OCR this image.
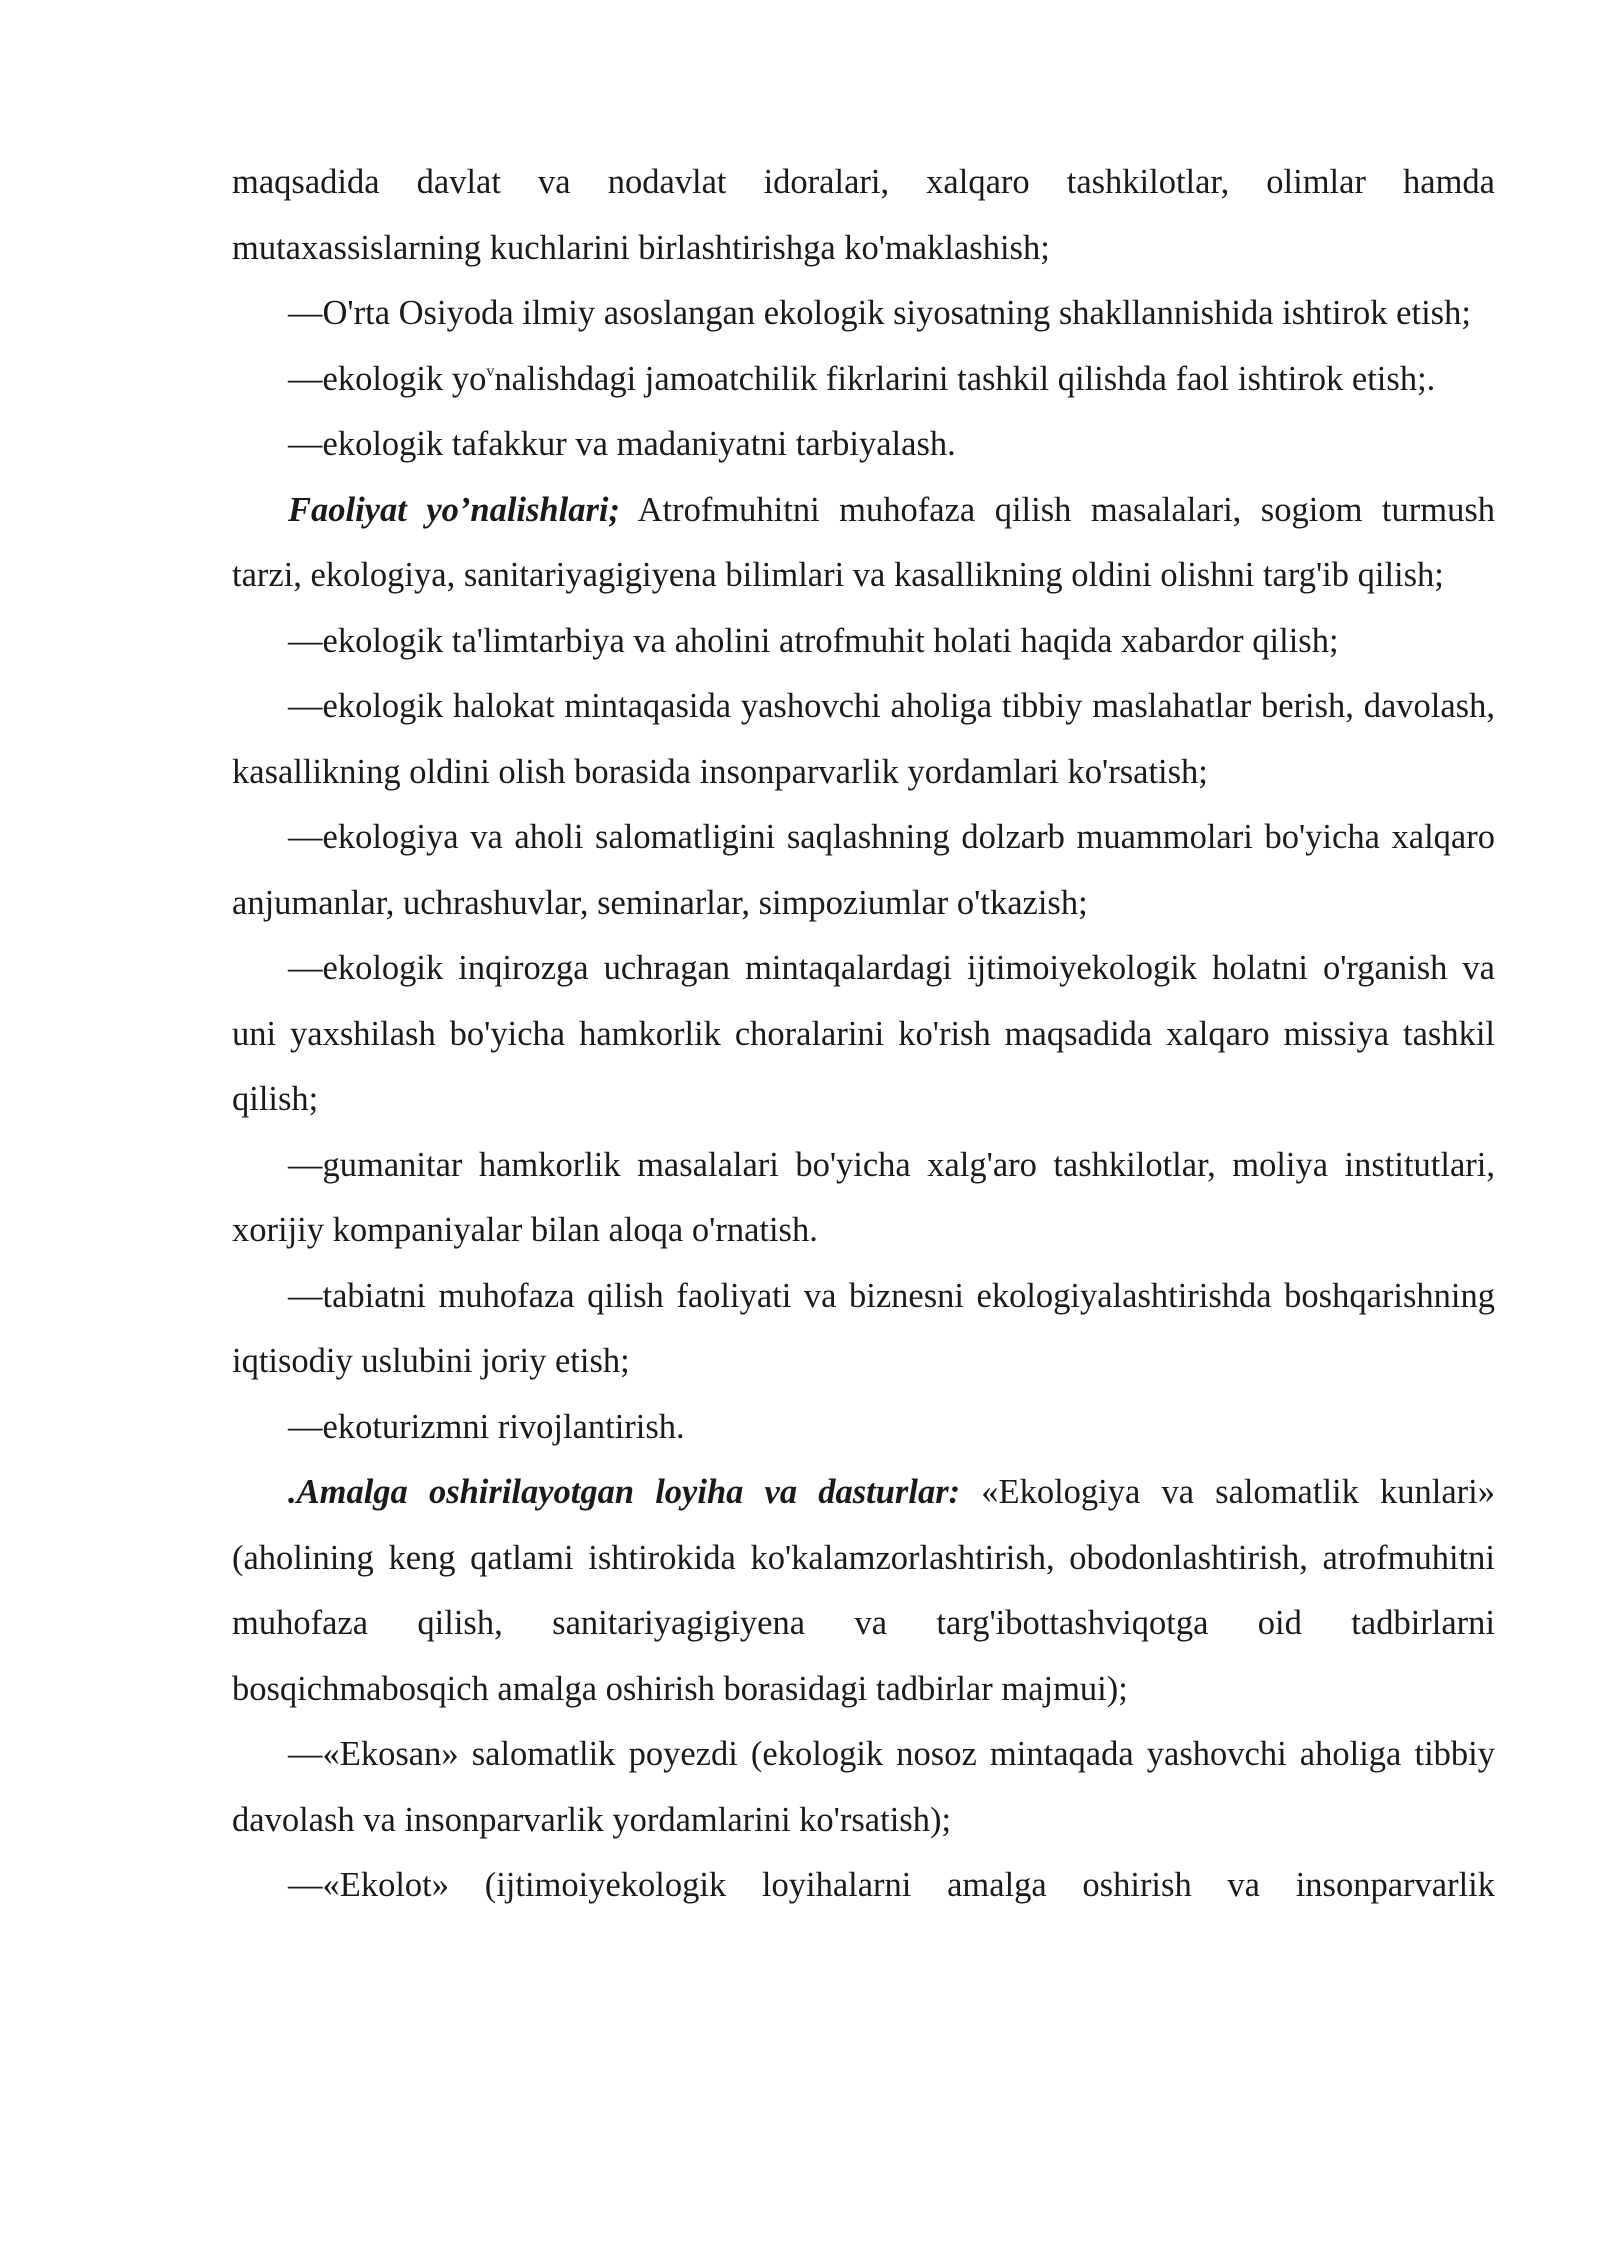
maqsadida davlat va nodavlat idoralari, xalqaro tashkilotlar, olimlar hamda mutaxassislarning kuchlarini birlashtirishga ko'maklashish;

—O'rta Osiyoda ilmiy asoslangan ekologik siyosatning shakllannishida ishtirok etish;

—ekologik $yo^vnalishdagi$ jamoatchilik fikrlarini tashkil qilishda faol ishtirok etish;.

—ekologik tafakkur va madaniyatni tarbiyalash.

Faoliyat yo’nalishlari; Atrofmuhitni muhofaza qilish masalalari, sogiom turmush tarzi, ekologiya, sanitariyagigiyena bilimlari va kasallikning oldini olishni targ'ib qilish;

—ekologik ta'limtarbiya va aholini atrofmuhit holati haqida xabardor qilish;

—ekologik halokat mintaqasida yashovchi aholiga tibbiy maslahatlar berish, davolash, kasallikning oldini olish borasida insonparvarlik yordamlari ko'rsatish;

—ekologiya va aholi salomatligini saqlashning dolzarb muammolari bo'yicha xalqaro anjumanlar, uchrashuvlar, seminarlar, simpoziumlar o'tkazish;

—ekologik inqirozga uchragan mintaqalardagi ijtimoiyekologik holatni o'rganish va uni yaxshilash bo'yicha hamkorlik choralarini ko'rish maqsadida xalqaro missiya tashkil qilish;

—gumanitar hamkorlik masalalari bo'yicha xalg'aro tashkilotlar, moliya institutlari, xorijiy kompaniyalar bilan aloqa o'rnatish.

—tabiatni muhofaza qilish faoliyati va biznesni ekologiyalashtirishda boshqarishning iqtisodiy uslubini joriy etish;

—ekoturizmni rivojlantirish.

.Amalga oshirilayotgan loyiha va dasturlar: «Ekologiya va salomatlik kunlari» (aholining keng qatlami ishtirokida ko'kalamzorlashtirish, obodonlashtirish, atrofmuhitni muhofaza qilish, sanitariyagigiyena va targ'ibottashviqotga oid tadbirlarni bosqichmabosqich amalga oshirish borasidagi tadbirlar majmui);

—«Ekosan» salomatlik poyezdi (ekologik nosoz mintaqada yashovchi aholiga tibbiy davolash va insonparvarlik yordamlarini ko'rsatish);

—«Ekolot» (ijtimoiyekologik loyihalarni amalga oshirish va insonparvarlik
